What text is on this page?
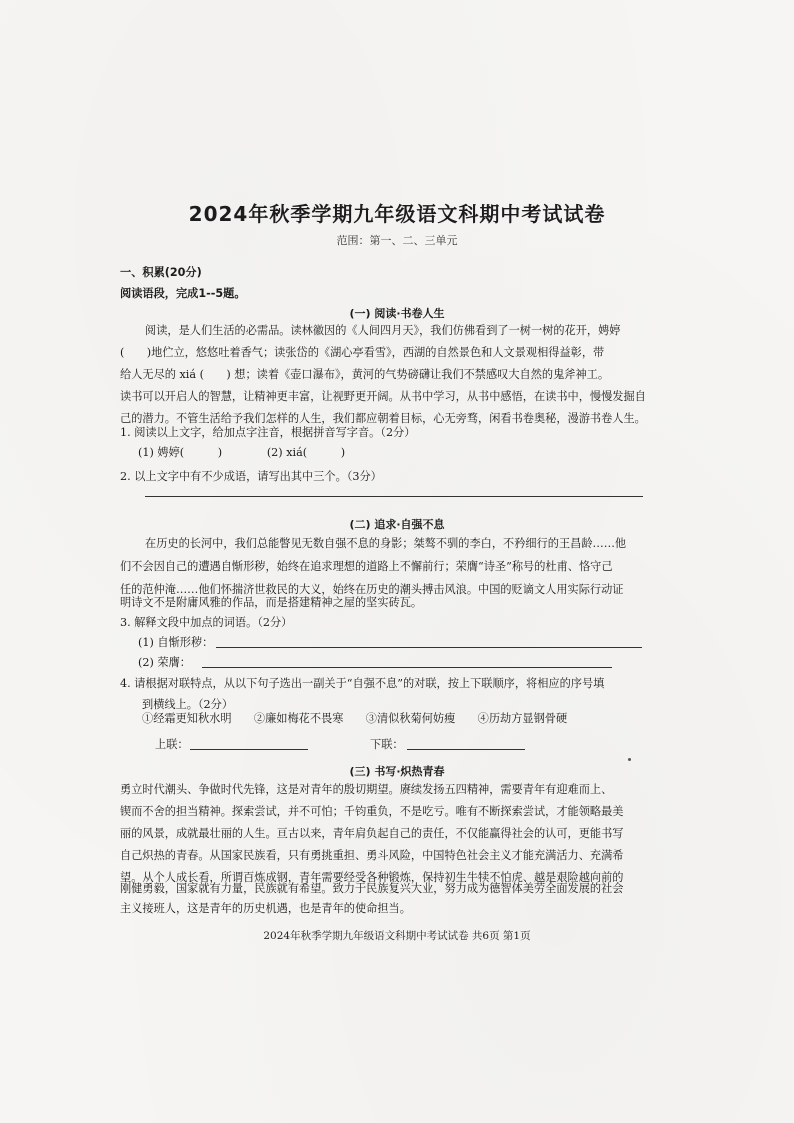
2024年秋季学期九年级语文科期中考试试卷
范围：第一、二、三单元
一、积累(20分)
阅读语段，完成1--5题。
(一) 阅读·书卷人生
阅读，是人们生活的必需品。读林徽因的《人间四月天》，我们仿佛看到了一树一树的花开，娉婷
(　　)地伫立，悠悠吐着香气；读张岱的《湖心亭看雪》，西湖的自然景色和人文景观相得益彰，带
给人无尽的 xiá (　　) 想；读着《壶口瀑布》，黄河的气势磅礴让我们不禁感叹大自然的鬼斧神工。
读书可以开启人的智慧，让精神更丰富，让视野更开阔。从书中学习，从书中感悟，在读书中，慢慢发掘自
己的潜力。不管生活给予我们怎样的人生，我们都应朝着目标，心无旁骛，闲看书卷奥秘，漫游书卷人生。
1. 阅读以上文字，给加点字注音，根据拼音写字音。（2分）
(1) 娉婷(　　　)　　　　(2) xiá(　　　)
2. 以上文字中有不少成语，请写出其中三个。（3分）
(二) 追求·自强不息
在历史的长河中，我们总能瞥见无数自强不息的身影；桀骜不驯的李白，不矜细行的王昌龄……他
们不会因自己的遭遇自惭形秽，始终在追求理想的道路上不懈前行；荣膺“诗圣”称号的杜甫、恪守己
任的范仲淹……他们怀揣济世救民的大义，始终在历史的潮头搏击风浪。中国的贬谪文人用实际行动证
明诗文不是附庸风雅的作品，而是搭建精神之屋的坚实砖瓦。
3. 解释文段中加点的词语。（2分）
(1) 自惭形秽：
(2) 荣膺：
4. 请根据对联特点，从以下句子选出一副关于“自强不息”的对联，按上下联顺序，将相应的序号填
到横线上。（2分）
①经霜更知秋水明　　②廉如梅花不畏寒　　③清似秋菊何妨瘦　　④历劫方显钢骨硬
上联：	下联：
(三) 书写·炽热青春
勇立时代潮头、争做时代先锋，这是对青年的殷切期望。赓续发扬五四精神，需要青年有迎难而上、
锲而不舍的担当精神。探索尝试，并不可怕；千钧重负，不是吃亏。唯有不断探索尝试，才能领略最美
丽的风景，成就最壮丽的人生。亘古以来，青年肩负起自己的责任，不仅能赢得社会的认可，更能书写
自己炽热的青春。从国家民族看，只有勇挑重担、勇斗风险，中国特色社会主义才能充满活力、充满希
望。从个人成长看，所谓百炼成钢，青年需要经受各种锻炼，保持初生牛犊不怕虎、越是艰险越向前的
刚健勇毅，国家就有力量，民族就有希望。致力于民族复兴大业，努力成为德智体美劳全面发展的社会
主义接班人，这是青年的历史机遇，也是青年的使命担当。
2024年秋季学期九年级语文科期中考试试卷 共6页 第1页
